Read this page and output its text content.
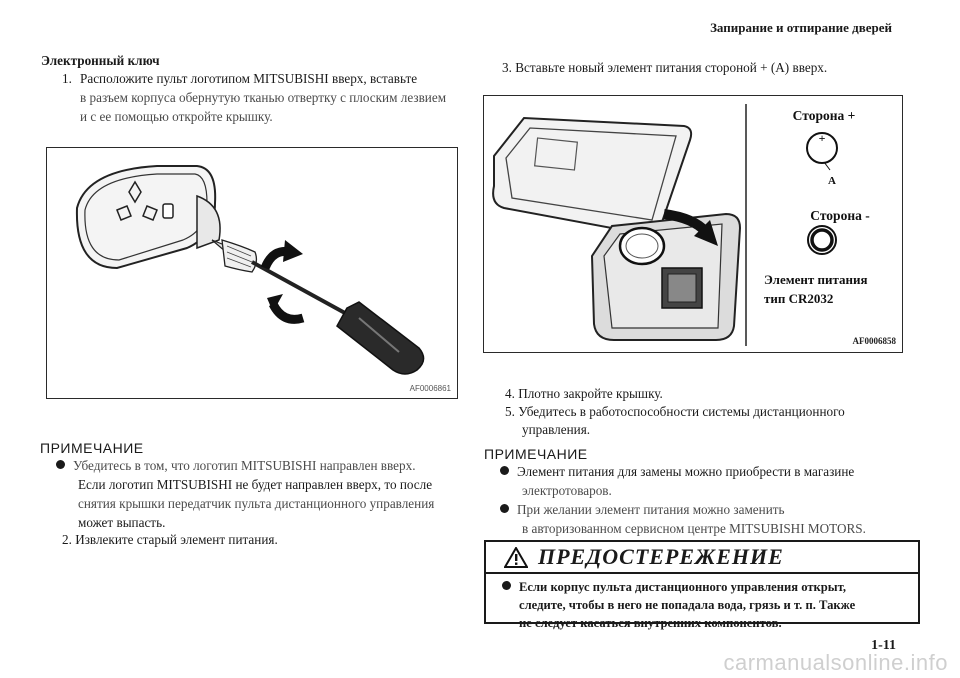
Запирание и отпирание дверей
Электронный ключ
1. Расположите пульт логотипом MITSUBISHI вверх, вставьте
в разъем корпуса обернутую тканью отвертку с плоским лезвием
и с ее помощью откройте крышку.
AF0006861
ПРИМЕЧАНИЕ
Убедитесь в том, что логотип MITSUBISHI направлен вверх.
Если логотип MITSUBISHI не будет направлен вверх, то после
снятия крышки передатчик пульта дистанционного управления
может выпасть.
2. Извлеките старый элемент питания.
3. Вставьте новый элемент питания стороной + (A) вверх.
Сторона +
+
A
Сторона -
Элемент питания
тип CR2032
AF0006858
4. Плотно закройте крышку.
5. Убедитесь в работоспособности системы дистанционного
управления.
ПРИМЕЧАНИЕ
Элемент питания для замены можно приобрести в магазине
электротоваров.
При желании элемент питания можно заменить
в авторизованном сервисном центре MITSUBISHI MOTORS.
ПРЕДОСТЕРЕЖЕНИЕ
Если корпус пульта дистанционного управления открыт,
следите, чтобы в него не попадала вода, грязь и т. п. Также
не следует касаться внутренних компонентов.
1-11
carmanualsonline.info
